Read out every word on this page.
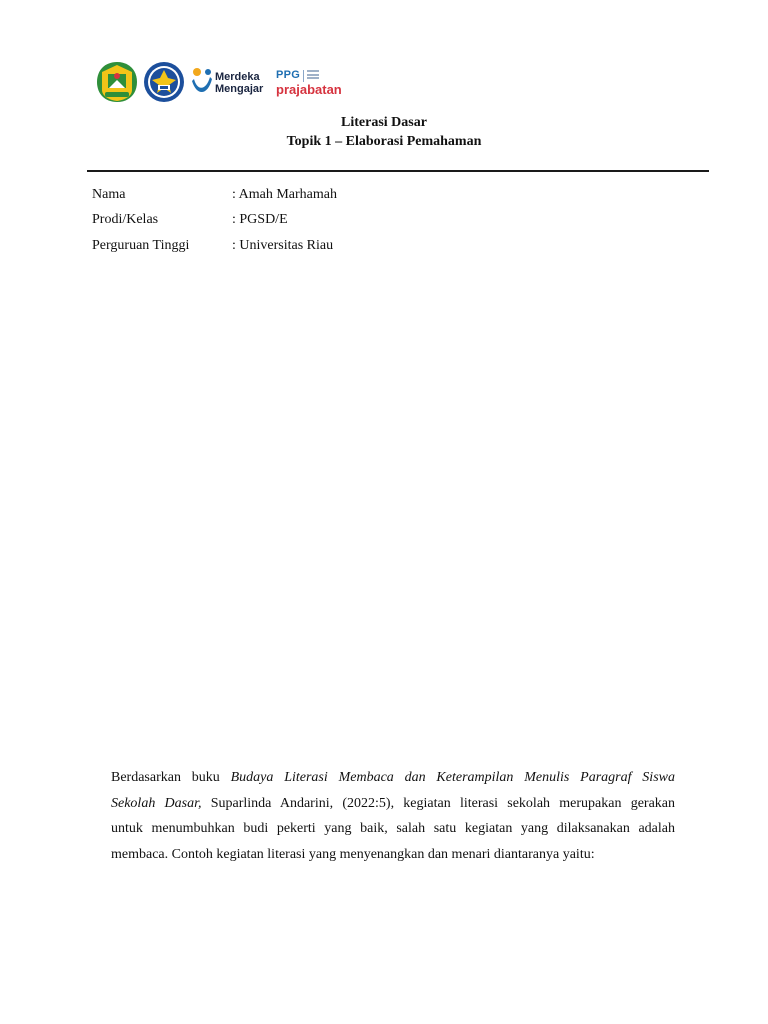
Merdeka
Mengajar
PPG
prajabatan
Literasi Dasar
Topik 1 – Elaborasi Pemahaman
Nama	: Amah Marhamah
Prodi/Kelas	: PGSD/E
Perguruan Tinggi	: Universitas Riau
Berdasarkan buku Budaya Literasi Membaca dan Keterampilan Menulis Paragraf Siswa
Sekolah Dasar, Suparlinda Andarini, (2022:5), kegiatan literasi sekolah merupakan gerakan
untuk menumbuhkan budi pekerti yang baik, salah satu kegiatan yang dilaksanakan adalah
membaca. Contoh kegiatan literasi yang menyenangkan dan menari diantaranya yaitu:
